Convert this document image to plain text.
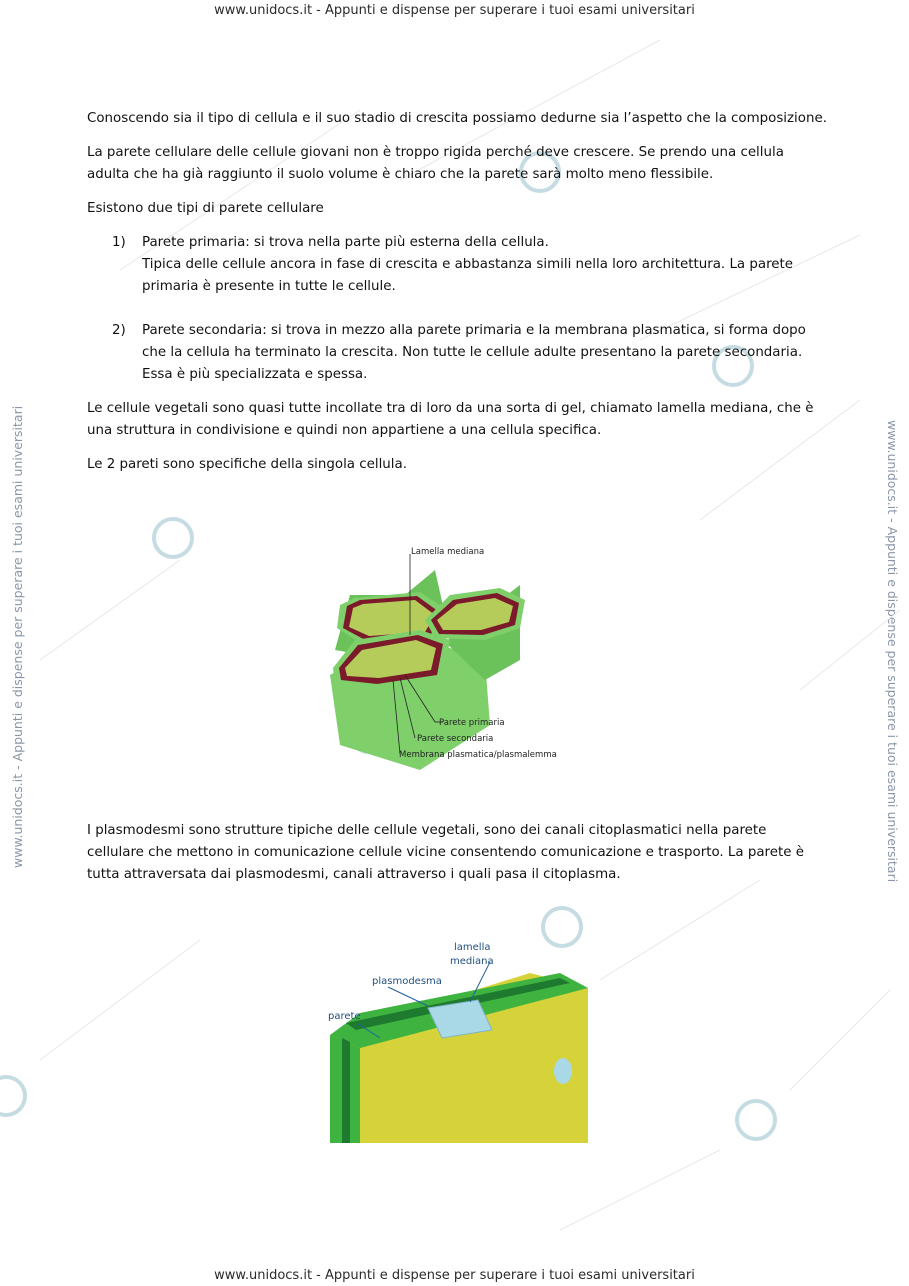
www.unidocs.it - Appunti e dispense per superare i tuoi esami universitari
www.unidocs.it - Appunti e dispense per superare i tuoi esami universitari	www.unidocs.it - Appunti e dispense per superare i tuoi esami universitari

Conoscendo sia il tipo di cellula e il suo stadio di crescita possiamo dedurne sia l’aspetto che la composizione.

La parete cellulare delle cellule giovani non è troppo rigida perché deve crescere. Se prendo una cellula adulta che ha già raggiunto il suolo volume è chiaro che la parete sarà molto meno flessibile.

Esistono due tipi di parete cellulare

1) Parete primaria: si trova nella parte più esterna della cellula.
Tipica delle cellule ancora in fase di crescita e abbastanza simili nella loro architettura. La parete primaria è presente in tutte le cellule.
2) Parete secondaria: si trova in mezzo alla parete primaria e la membrana plasmatica, si forma dopo che la cellula ha terminato la crescita. Non tutte le cellule adulte presentano la parete secondaria. Essa è più specializzata e spessa.

Le cellule vegetali sono quasi tutte incollate tra di loro da una sorta di gel, chiamato lamella mediana, che è una struttura in condivisione e quindi non appartiene a una cellula specifica.

Le 2 pareti sono specifiche della singola cellula.

Lamella mediana
Parete primaria
Parete secondaria
Membrana plasmatica/plasmalemma

I plasmodesmi sono strutture tipiche delle cellule vegetali, sono dei canali citoplasmatici nella parete cellulare che mettono in comunicazione cellule vicine consentendo comunicazione e trasporto. La parete è tutta attraversata dai plasmodesmi, canali attraverso i quali pasa il citoplasma.

lamella
mediana
plasmodesma
parete
www.unidocs.it - Appunti e dispense per superare i tuoi esami universitari
